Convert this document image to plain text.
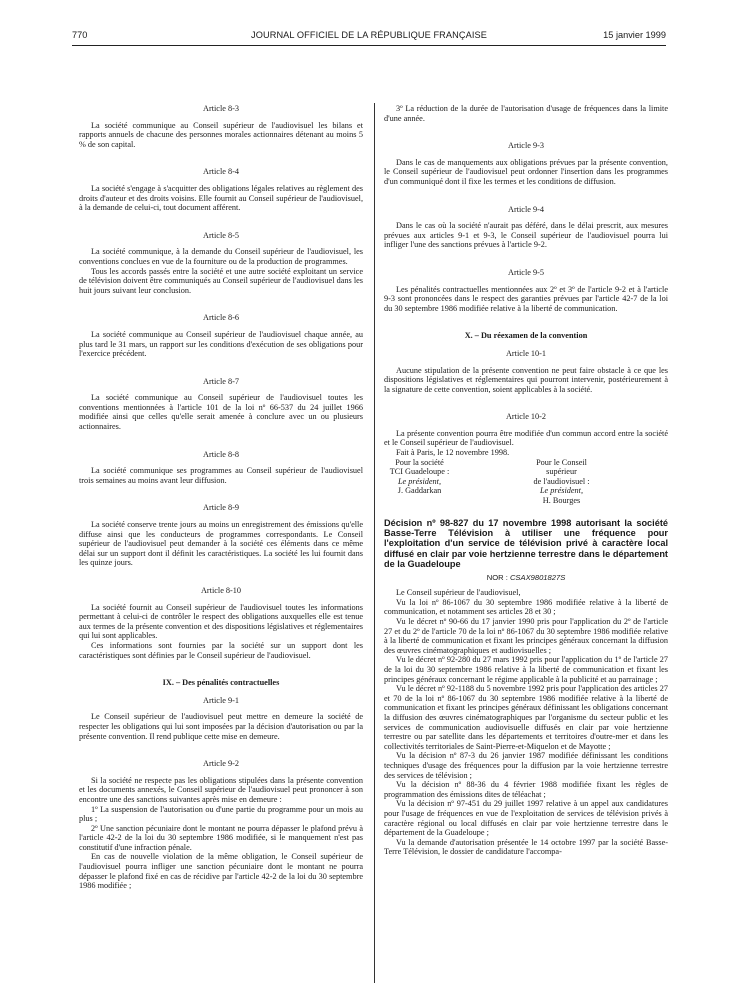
770	JOURNAL OFFICIEL DE LA RÉPUBLIQUE FRANÇAISE	15 janvier 1999
Article 8-3

La société communique au Conseil supérieur de l'audiovisuel les bilans et rapports annuels de chacune des personnes morales actionnaires détenant au moins 5 % de son capital.

Article 8-4

La société s'engage à s'acquitter des obligations légales relatives au règlement des droits d'auteur et des droits voisins. Elle fournit au Conseil supérieur de l'audiovisuel, à la demande de celui-ci, tout document afférent.

Article 8-5

La société communique, à la demande du Conseil supérieur de l'audiovisuel, les conventions conclues en vue de la fourniture ou de la production de programmes.

Tous les accords passés entre la société et une autre société exploitant un service de télévision doivent être communiqués au Conseil supérieur de l'audiovisuel dans les huit jours suivant leur conclusion.

Article 8-6

La société communique au Conseil supérieur de l'audiovisuel chaque année, au plus tard le 31 mars, un rapport sur les conditions d'exécution de ses obligations pour l'exercice précédent.

Article 8-7

La société communique au Conseil supérieur de l'audiovisuel toutes les conventions mentionnées à l'article 101 de la loi nº 66-537 du 24 juillet 1966 modifiée ainsi que celles qu'elle serait amenée à conclure avec un ou plusieurs actionnaires.

Article 8-8

La société communique ses programmes au Conseil supérieur de l'audiovisuel trois semaines au moins avant leur diffusion.

Article 8-9

La société conserve trente jours au moins un enregistrement des émissions qu'elle diffuse ainsi que les conducteurs de programmes correspondants. Le Conseil supérieur de l'audiovisuel peut demander à la société ces éléments dans ce même délai sur un support dont il définit les caractéristiques. La société les lui fournit dans les quinze jours.

Article 8-10

La société fournit au Conseil supérieur de l'audiovisuel toutes les informations permettant à celui-ci de contrôler le respect des obligations auxquelles elle est tenue aux termes de la présente convention et des dispositions législatives et réglementaires qui lui sont applicables.

Ces informations sont fournies par la société sur un support dont les caractéristiques sont définies par le Conseil supérieur de l'audiovisuel.

IX. – Des pénalités contractuelles
Article 9-1

Le Conseil supérieur de l'audiovisuel peut mettre en demeure la société de respecter les obligations qui lui sont imposées par la décision d'autorisation ou par la présente convention. Il rend publique cette mise en demeure.

Article 9-2

Si la société ne respecte pas les obligations stipulées dans la présente convention et les documents annexés, le Conseil supérieur de l'audiovisuel peut prononcer à son encontre une des sanctions suivantes après mise en demeure :

1º La suspension de l'autorisation ou d'une partie du programme pour un mois au plus ;

2º Une sanction pécuniaire dont le montant ne pourra dépasser le plafond prévu à l'article 42-2 de la loi du 30 septembre 1986 modifiée, si le manquement n'est pas constitutif d'une infraction pénale.

En cas de nouvelle violation de la même obligation, le Conseil supérieur de l'audiovisuel pourra infliger une sanction pécuniaire dont le montant ne pourra dépasser le plafond fixé en cas de récidive par l'article 42-2 de la loi du 30 septembre 1986 modifiée ;

3º La réduction de la durée de l'autorisation d'usage de fréquences dans la limite d'une année.

Article 9-3

Dans le cas de manquements aux obligations prévues par la présente convention, le Conseil supérieur de l'audiovisuel peut ordonner l'insertion dans les programmes d'un communiqué dont il fixe les termes et les conditions de diffusion.

Article 9-4

Dans le cas où la société n'aurait pas déféré, dans le délai prescrit, aux mesures prévues aux articles 9-1 et 9-3, le Conseil supérieur de l'audiovisuel pourra lui infliger l'une des sanctions prévues à l'article 9-2.

Article 9-5

Les pénalités contractuelles mentionnées aux 2º et 3º de l'article 9-2 et à l'article 9-3 sont prononcées dans le respect des garanties prévues par l'article 42-7 de la loi du 30 septembre 1986 modifiée relative à la liberté de communication.

X. – Du réexamen de la convention
Article 10-1

Aucune stipulation de la présente convention ne peut faire obstacle à ce que les dispositions législatives et réglementaires qui pourront intervenir, postérieurement à la signature de cette convention, soient applicables à la société.

Article 10-2

La présente convention pourra être modifiée d'un commun accord entre la société et le Conseil supérieur de l'audiovisuel.

Fait à Paris, le 12 novembre 1998.

Pour la société
TCI Guadeloupe :
Le président,
J. Gaddarkan
Pour le Conseil supérieur
de l'audiovisuel :
Le président,
H. Bourges
Décision nº 98-827 du 17 novembre 1998 autorisant la société Basse-Terre Télévision à utiliser une fréquence pour l'exploitation d'un service de télévision privé à caractère local diffusé en clair par voie hertzienne terrestre dans le département de la Guadeloupe
NOR : CSAX9801827S

Le Conseil supérieur de l'audiovisuel,

Vu la loi nº 86-1067 du 30 septembre 1986 modifiée relative à la liberté de communication, et notamment ses articles 28 et 30 ;

Vu le décret nº 90-66 du 17 janvier 1990 pris pour l'application du 2º de l'article 27 et du 2º de l'article 70 de la loi nº 86-1067 du 30 septembre 1986 modifiée relative à la liberté de communication et fixant les principes généraux concernant la diffusion des œuvres cinématographiques et audiovisuelles ;

Vu le décret nº 92-280 du 27 mars 1992 pris pour l'application du 1º de l'article 27 de la loi du 30 septembre 1986 relative à la liberté de communication et fixant les principes généraux concernant le régime applicable à la publicité et au parrainage ;

Vu le décret nº 92-1188 du 5 novembre 1992 pris pour l'application des articles 27 et 70 de la loi nº 86-1067 du 30 septembre 1986 modifiée relative à la liberté de communication et fixant les principes généraux définissant les obligations concernant la diffusion des œuvres cinématographiques par l'organisme du secteur public et les services de communication audiovisuelle diffusés en clair par voie hertzienne terrestre ou par satellite dans les départements et territoires d'outre-mer et dans les collectivités territoriales de Saint-Pierre-et-Miquelon et de Mayotte ;

Vu la décision nº 87-3 du 26 janvier 1987 modifiée définissant les conditions techniques d'usage des fréquences pour la diffusion par la voie hertzienne terrestre des services de télévision ;

Vu la décision nº 88-36 du 4 février 1988 modifiée fixant les règles de programmation des émissions dites de téléachat ;

Vu la décision nº 97-451 du 29 juillet 1997 relative à un appel aux candidatures pour l'usage de fréquences en vue de l'exploitation de services de télévision privés à caractère régional ou local diffusés en clair par voie hertzienne terrestre dans le département de la Guadeloupe ;

Vu la demande d'autorisation présentée le 14 octobre 1997 par la société Basse-Terre Télévision, le dossier de candidature l'accompa-
